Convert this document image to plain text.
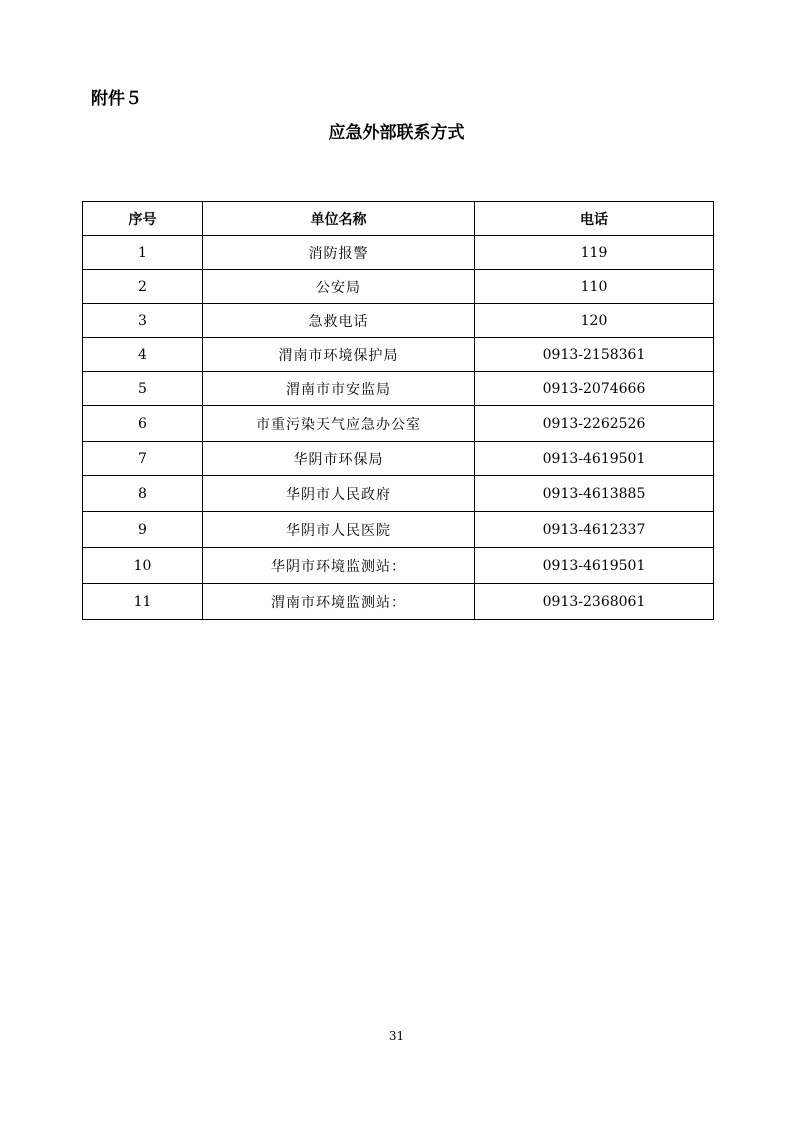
附件５
应急外部联系方式
序号	单位名称	电话
1	消防报警	119
2	公安局	110
3	急救电话	120
4	渭南市环境保护局	0913-2158361
5	渭南市市安监局	0913-2074666
6	市重污染天气应急办公室	0913-2262526
7	华阴市环保局	0913-4619501
8	华阴市人民政府	0913-4613885
9	华阴市人民医院	0913-4612337
10	华阴市环境监测站：	0913-4619501
11	渭南市环境监测站：	0913-2368061
31
